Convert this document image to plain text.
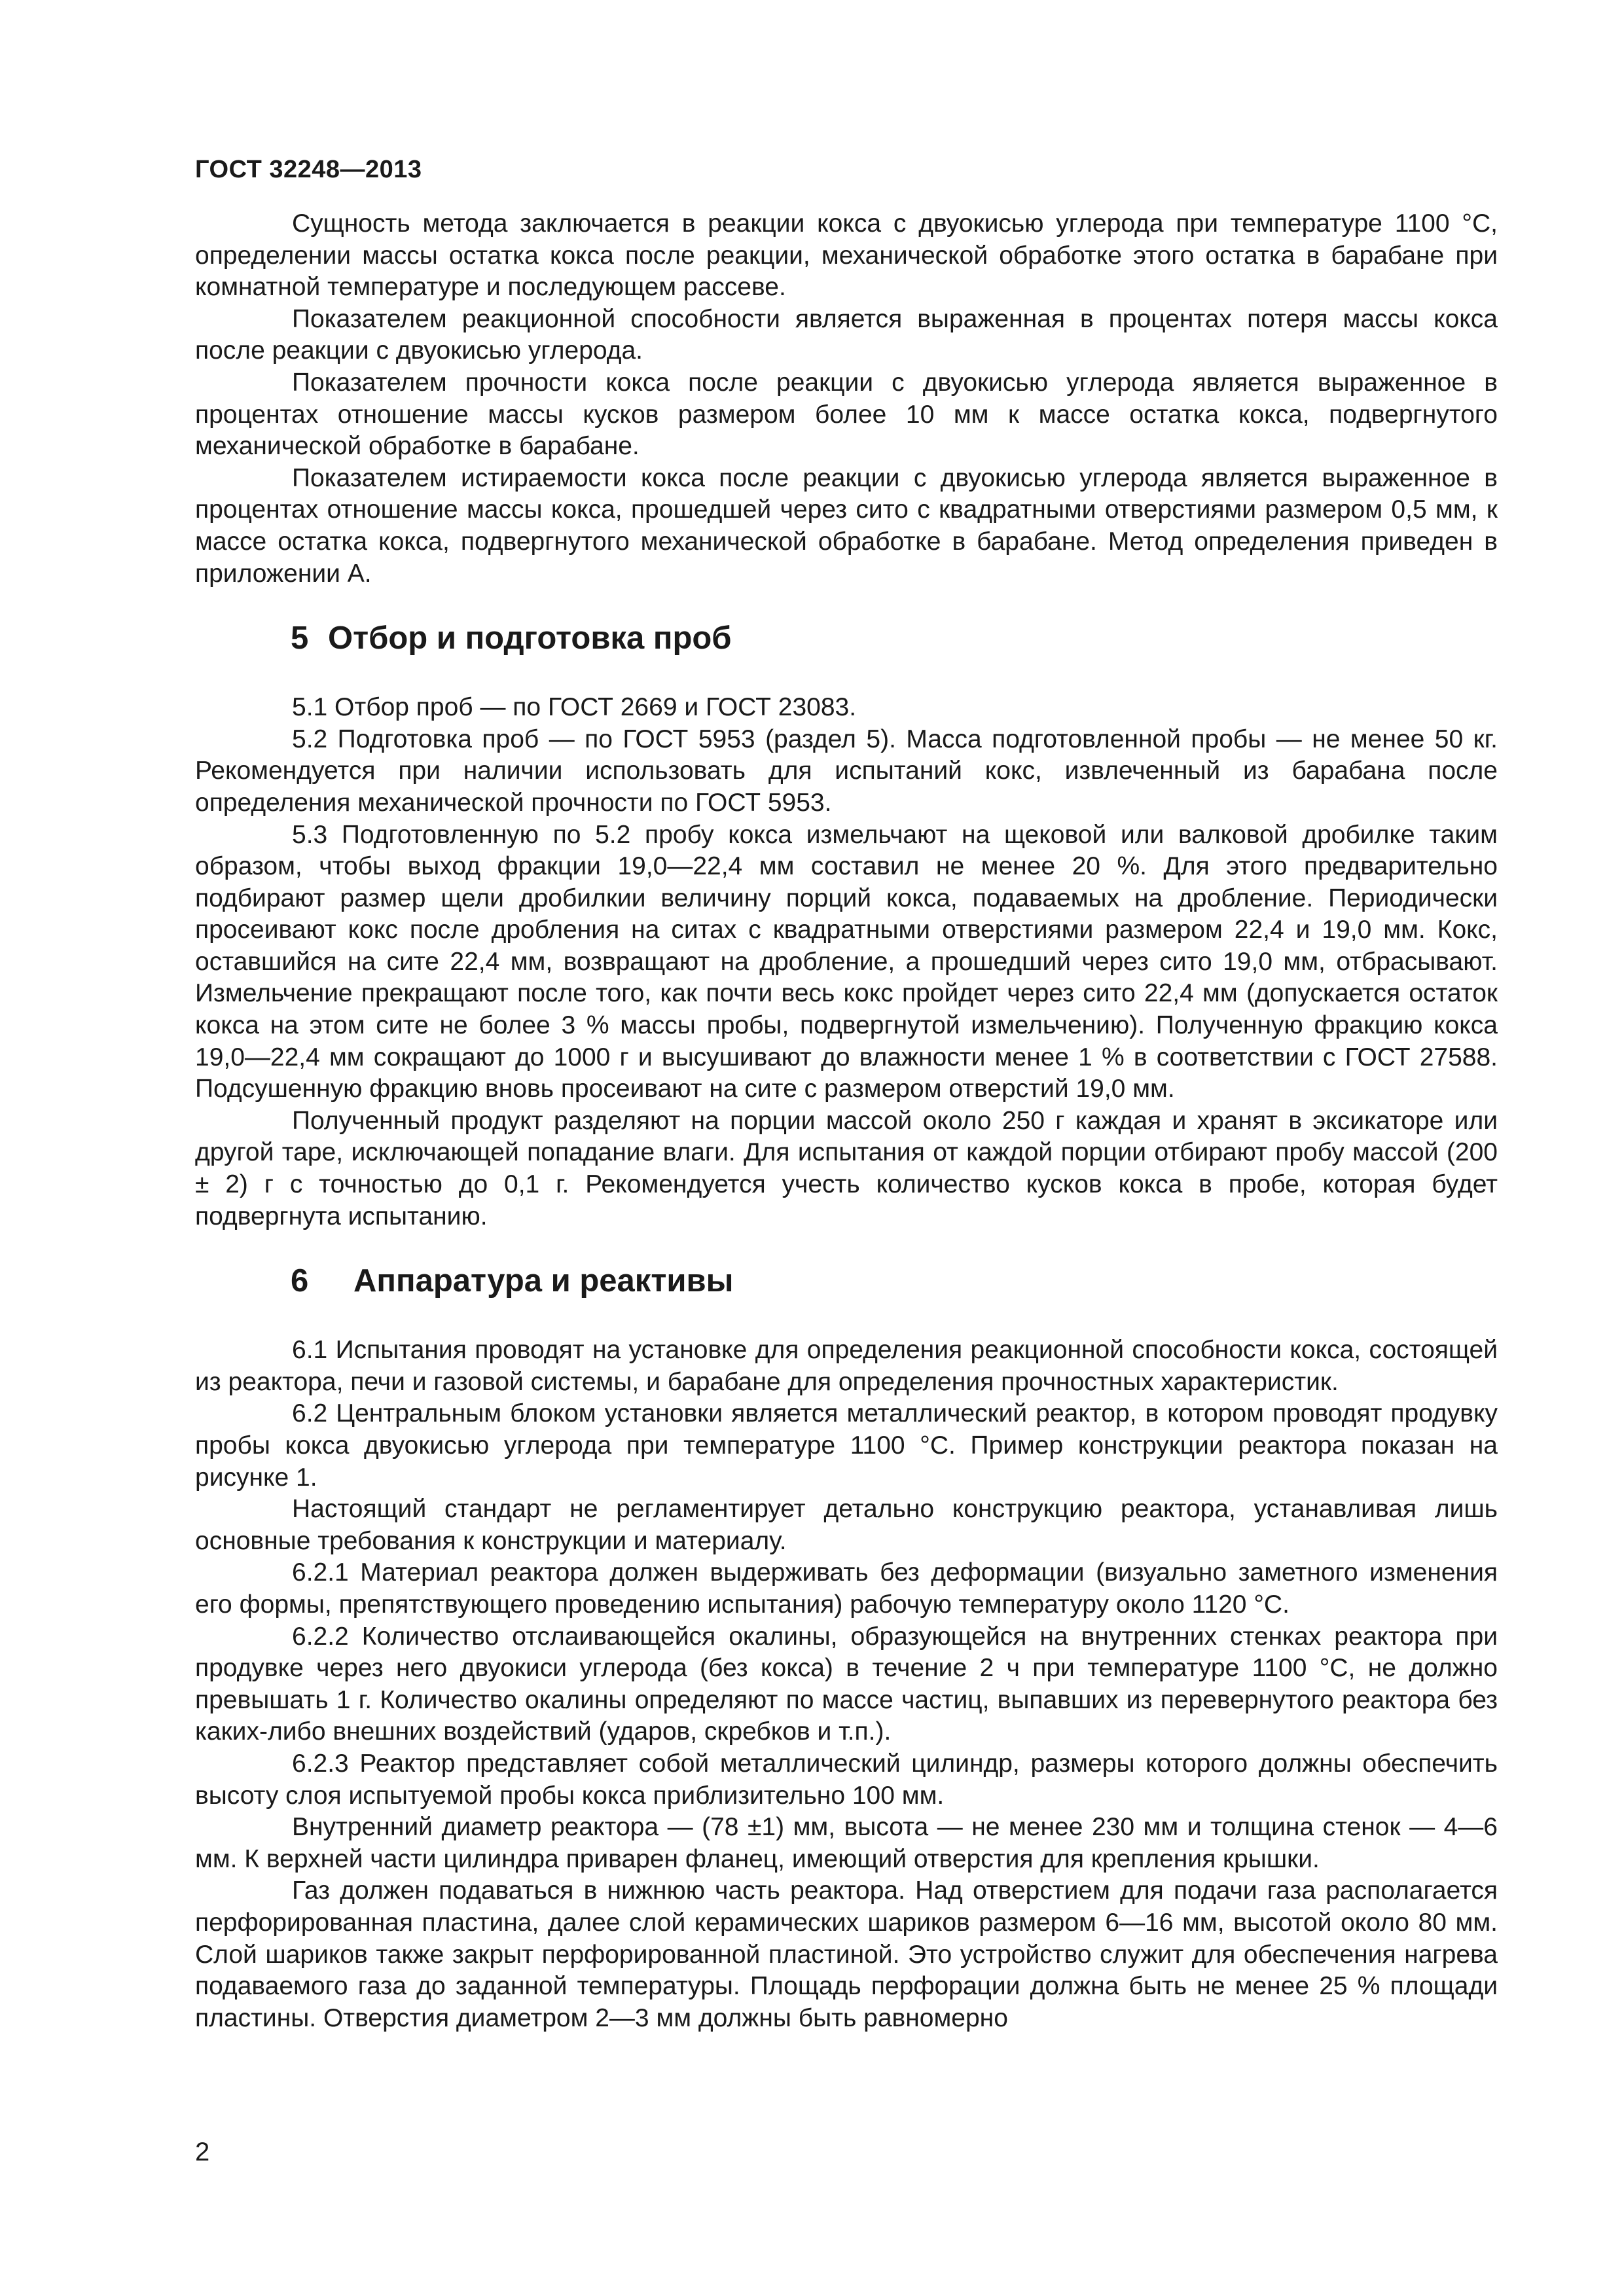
ГОСТ 32248—2013

Сущность метода заключается в реакции кокса с двуокисью углерода при температуре 1100 °С, определении массы остатка кокса после реакции, механической обработке этого остатка в барабане при комнатной температуре и последующем рассеве.

Показателем реакционной способности является выраженная в процентах потеря массы кокса после реакции с двуокисью углерода.

Показателем прочности кокса после реакции с двуокисью углерода является выраженное в процентах отношение массы кусков размером более 10 мм к массе остатка кокса, подвергнутого механической обработке в барабане.

Показателем истираемости кокса после реакции с двуокисью углерода является выраженное в процентах отношение массы кокса, прошедшей через сито с квадратными отверстиями размером 0,5 мм, к массе остатка кокса, подвергнутого механической обработке в барабане. Метод определения приведен в приложении А.

5 Отбор и подготовка проб

5.1 Отбор проб — по ГОСТ 2669 и ГОСТ 23083.

5.2 Подготовка проб — по ГОСТ 5953 (раздел 5). Масса подготовленной пробы — не менее 50 кг. Рекомендуется при наличии использовать для испытаний кокс, извлеченный из барабана после определения механической прочности по ГОСТ 5953.

5.3 Подготовленную по 5.2 пробу кокса измельчают на щековой или валковой дробилке таким образом, чтобы выход фракции 19,0—22,4 мм составил не менее 20 %. Для этого предварительно подбирают размер щели дробилкии величину порций кокса, подаваемых на дробление. Периодически просеивают кокс после дробления на ситах с квадратными отверстиями размером 22,4 и 19,0 мм. Кокс, оставшийся на сите 22,4 мм, возвращают на дробление, а прошедший через сито 19,0 мм, отбрасывают. Измельчение прекращают после того, как почти весь кокс пройдет через сито 22,4 мм (допускается остаток кокса на этом сите не более 3 % массы пробы, подвергнутой измельчению). Полученную фракцию кокса 19,0—22,4 мм сокращают до 1000 г и высушивают до влажности менее 1 % в соответствии с ГОСТ 27588. Подсушенную фракцию вновь просеивают на сите с размером отверстий 19,0 мм.

Полученный продукт разделяют на порции массой около 250 г каждая и хранят в эксикаторе или другой таре, исключающей попадание влаги. Для испытания от каждой порции отбирают пробу массой (200 ± 2) г с точностью до 0,1 г. Рекомендуется учесть количество кусков кокса в пробе, которая будет подвергнута испытанию.

6 Аппаратура и реактивы

6.1 Испытания проводят на установке для определения реакционной способности кокса, состоящей из реактора, печи и газовой системы, и барабане для определения прочностных характеристик.

6.2 Центральным блоком установки является металлический реактор, в котором проводят продувку пробы кокса двуокисью углерода при температуре 1100 °С. Пример конструкции реактора показан на рисунке 1.

Настоящий стандарт не регламентирует детально конструкцию реактора, устанавливая лишь основные требования к конструкции и материалу.

6.2.1 Материал реактора должен выдерживать без деформации (визуально заметного изменения его формы, препятствующего проведению испытания) рабочую температуру около 1120 °С.

6.2.2 Количество отслаивающейся окалины, образующейся на внутренних стенках реактора при продувке через него двуокиси углерода (без кокса) в течение 2 ч при температуре 1100 °С, не должно превышать 1 г. Количество окалины определяют по массе частиц, выпавших из перевернутого реактора без каких-либо внешних воздействий (ударов, скребков и т.п.).

6.2.3 Реактор представляет собой металлический цилиндр, размеры которого должны обеспечить высоту слоя испытуемой пробы кокса приблизительно 100 мм.

Внутренний диаметр реактора — (78 ±1) мм, высота — не менее 230 мм и толщина стенок — 4—6 мм. К верхней части цилиндра приварен фланец, имеющий отверстия для крепления крышки.

Газ должен подаваться в нижнюю часть реактора. Над отверстием для подачи газа располагается перфорированная пластина, далее слой керамических шариков размером 6—16 мм, высотой около 80 мм. Слой шариков также закрыт перфорированной пластиной. Это устройство служит для обеспечения нагрева подаваемого газа до заданной температуры. Площадь перфорации должна быть не менее 25 % площади пластины. Отверстия диаметром 2—3 мм должны быть равномерно

2
